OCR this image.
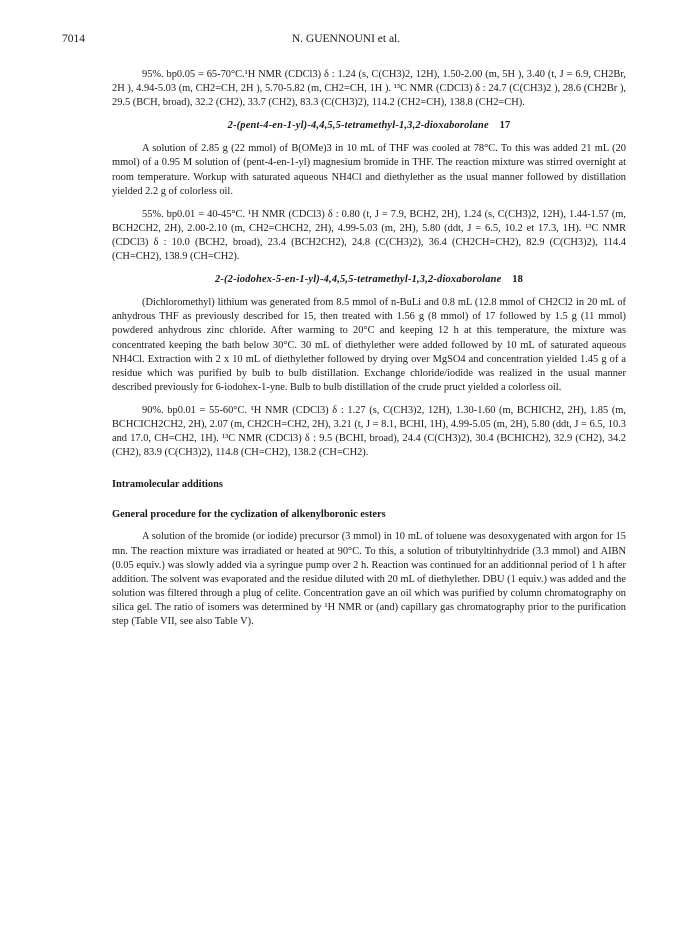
7014	N. GUENNOUNI et al.

95%. bp0.05 = 65-70°C.¹H NMR (CDCl3) δ : 1.24 (s, C(CH3)2, 12H), 1.50-2.00 (m, 5H ), 3.40 (t, J = 6.9, CH2Br, 2H ), 4.94-5.03 (m, CH2=CH, 2H ), 5.70-5.82 (m, CH2=CH, 1H ). ¹³C NMR (CDCl3) δ : 24.7 (C(CH3)2 ), 28.6 (CH2Br ), 29.5 (BCH, broad), 32.2 (CH2), 33.7 (CH2), 83.3 (C(CH3)2), 114.2 (CH2=CH), 138.8 (CH2=CH).

2-(pent-4-en-1-yl)-4,4,5,5-tetramethyl-1,3,2-dioxaborolane 17

A solution of 2.85 g (22 mmol) of B(OMe)3 in 10 mL of THF was cooled at 78°C. To this was added 21 mL (20 mmol) of a 0.95 M solution of (pent-4-en-1-yl) magnesium bromide in THF. The reaction mixture was stirred overnight at room temperature. Workup with saturated aqueous NH4Cl and diethylether as the usual manner followed by distillation yielded 2.2 g of colorless oil.

55%. bp0.01 = 40-45°C. ¹H NMR (CDCl3) δ : 0.80 (t, J = 7.9, BCH2, 2H), 1.24 (s, C(CH3)2, 12H), 1.44-1.57 (m, BCH2CH2, 2H), 2.00-2.10 (m, CH2=CHCH2, 2H), 4.99-5.03 (m, 2H), 5.80 (ddt, J = 6.5, 10.2 et 17.3, 1H). ¹³C NMR (CDCl3) δ : 10.0 (BCH2, broad), 23.4 (BCH2CH2), 24.8 (C(CH3)2), 36.4 (CH2CH=CH2), 82.9 (C(CH3)2), 114.4 (CH=CH2), 138.9 (CH=CH2).

2-(2-iodohex-5-en-1-yl)-4,4,5,5-tetramethyl-1,3,2-dioxaborolane 18

(Dichloromethyl) lithium was generated from 8.5 mmol of n-BuLi and 0.8 mL (12.8 mmol of CH2Cl2 in 20 mL of anhydrous THF as previously described for 15, then treated with 1.56 g (8 mmol) of 17 followed by 1.5 g (11 mmol) powdered anhydrous zinc chloride. After warming to 20°C and keeping 12 h at this temperature, the mixture was concentrated keeping the bath below 30°C. 30 mL of diethylether were added followed by 10 mL of saturated aqueous NH4Cl. Extraction with 2 x 10 mL of diethylether followed by drying over MgSO4 and concentration yielded 1.45 g of a residue which was purified by bulb to bulb distillation. Exchange chloride/iodide was realized in the usual manner described previously for 6-iodohex-1-yne. Bulb to bulb distillation of the crude pruct yielded a colorless oil.

90%. bp0.01 = 55-60°C. ¹H NMR (CDCl3) δ : 1.27 (s, C(CH3)2, 12H), 1.30-1.60 (m, BCHICH2, 2H), 1.85 (m, BCHCICH2CH2, 2H), 2.07 (m, CH2CH=CH2, 2H), 3.21 (t, J = 8.1, BCHI, 1H), 4.99-5.05 (m, 2H), 5.80 (ddt, J = 6.5, 10.3 and 17.0, CH=CH2, 1H). ¹³C NMR (CDCl3) δ : 9.5 (BCHI, broad), 24.4 (C(CH3)2), 30.4 (BCHICH2), 32.9 (CH2), 34.2 (CH2), 83.9 (C(CH3)2), 114.8 (CH=CH2), 138.2 (CH=CH2).

Intramolecular additions
General procedure for the cyclization of alkenylboronic esters

A solution of the bromide (or iodide) precursor (3 mmol) in 10 mL of toluene was desoxygenated with argon for 15 mn. The reaction mixture was irradiated or heated at 90°C. To this, a solution of tributyltinhydride (3.3 mmol) and AIBN (0.05 equiv.) was slowly added via a syringue pump over 2 h. Reaction was continued for an additionnal period of 1 h after addition. The solvent was evaporated and the residue diluted with 20 mL of diethylether. DBU (1 equiv.) was added and the solution was filtered through a plug of celite. Concentration gave an oil which was purified by column chromatography on silica gel. The ratio of isomers was determined by ¹H NMR or (and) capillary gas chromatography prior to the purification step (Table VII, see also Table V).
